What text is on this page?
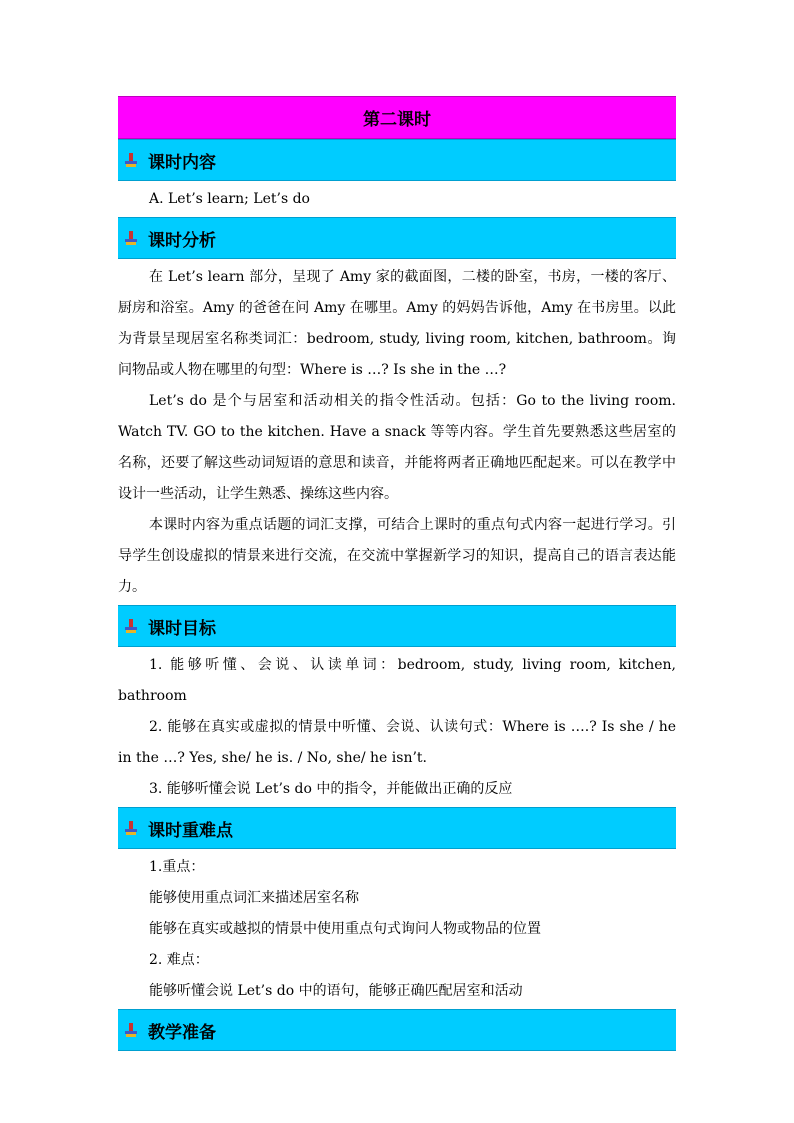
第二课时
课时内容

A. Let’s learn; Let’s do

课时分析

在 Let’s learn 部分，呈现了 Amy 家的截面图，二楼的卧室，书房，一楼的客厅、厨房和浴室。Amy 的爸爸在问 Amy 在哪里。Amy 的妈妈告诉他，Amy 在书房里。以此为背景呈现居室名称类词汇：bedroom, study, living room, kitchen, bathroom。询问物品或人物在哪里的句型：Where is …? Is she in the …?

Let’s do 是个与居室和活动相关的指令性活动。包括：Go to the living room. Watch TV. GO to the kitchen. Have a snack 等等内容。学生首先要熟悉这些居室的名称，还要了解这些动词短语的意思和读音，并能将两者正确地匹配起来。可以在教学中设计一些活动，让学生熟悉、操练这些内容。

本课时内容为重点话题的词汇支撑，可结合上课时的重点句式内容一起进行学习。引导学生创设虚拟的情景来进行交流，在交流中掌握新学习的知识，提高自己的语言表达能力。

课时目标

1. 能够听懂、会说、认读单词：bedroom, study, living room, kitchen, bathroom

2. 能够在真实或虚拟的情景中听懂、会说、认读句式：Where is ….? Is she / he in the …? Yes, she/ he is. / No, she/ he isn’t.

3. 能够听懂会说 Let’s do 中的指令，并能做出正确的反应

课时重难点

1.重点：

能够使用重点词汇来描述居室名称

能够在真实或越拟的情景中使用重点句式询问人物或物品的位置

2. 难点：

能够听懂会说 Let’s do 中的语句，能够正确匹配居室和活动

教学准备
